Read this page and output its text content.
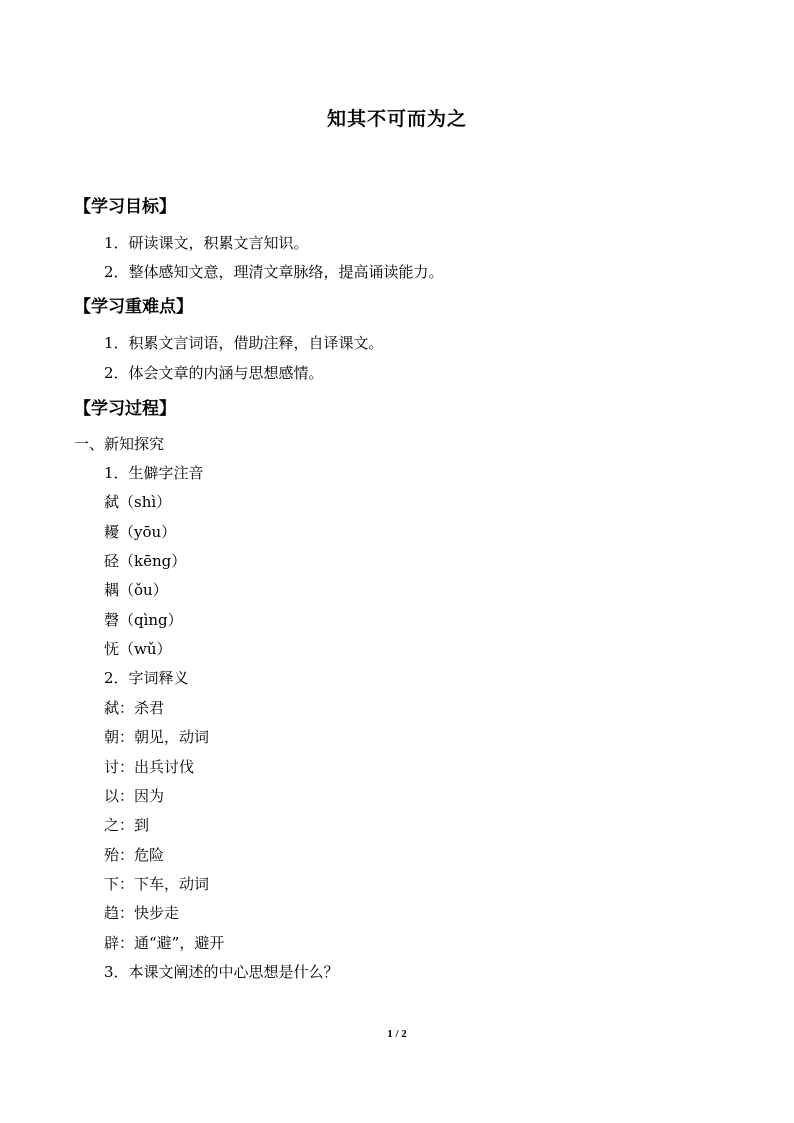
知其不可而为之
【学习目标】
1．研读课文，积累文言知识。
2．整体感知文意，理清文章脉络，提高诵读能力。
【学习重难点】
1．积累文言词语，借助注释，自译课文。
2．体会文章的内涵与思想感情。
【学习过程】
一、新知探究
1．生僻字注音
弑（shì）
耰（yōu）
硁（kēng）
耦（ǒu）
磬（qìng）
怃（wǔ）
2．字词释义
弑：杀君
朝：朝见，动词
讨：出兵讨伐
以：因为
之：到
殆：危险
下：下车，动词
趋：快步走
辟：通“避”，避开
3．本课文阐述的中心思想是什么？
1 / 2
